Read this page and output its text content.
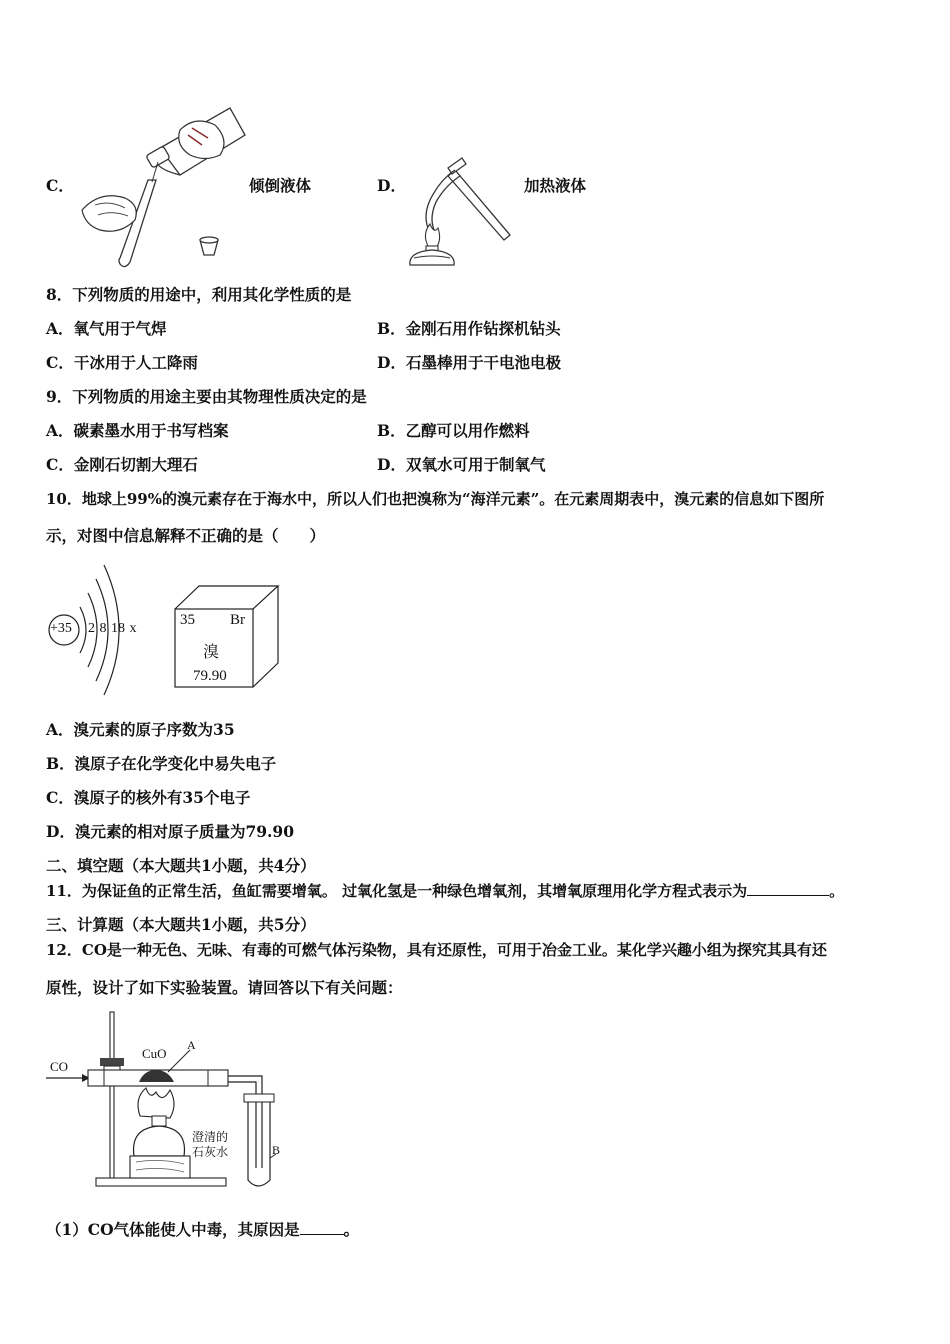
C．	倾倒液体	D．	加热液体
8．下列物质的用途中，利用其化学性质的是
A．氧气用于气焊	B．金刚石用作钻探机钻头
C．干冰用于人工降雨	D．石墨棒用于干电池电极
9．下列物质的用途主要由其物理性质决定的是
A．碳素墨水用于书写档案	B．乙醇可以用作燃料
C．金刚石切割大理石	D．双氧水可用于制氧气
10．地球上99%的溴元素存在于海水中，所以人们也把溴称为“海洋元素”。在元素周期表中，溴元素的信息如下图所
示，对图中信息解释不正确的是（　　）
+35 2 8 18 x
35 Br
溴
79.90
A．溴元素的原子序数为35
B．溴原子在化学变化中易失电子
C．溴原子的核外有35个电子
D．溴元素的相对原子质量为79.90
二、填空题（本大题共1小题，共4分）
11．为保证鱼的正常生活，鱼缸需要增氧。 过氧化氢是一种绿色增氧剂，其增氧原理用化学方程式表示为	。
三、计算题（本大题共1小题，共5分）
12．CO是一种无色、无味、有毒的可燃气体污染物，具有还原性，可用于冶金工业。某化学兴趣小组为探究其具有还
原性，设计了如下实验装置。请回答以下有关问题：
CO
CuO
A
B
澄清的
石灰水
（1）CO气体能使人中毒，其原因是	。
